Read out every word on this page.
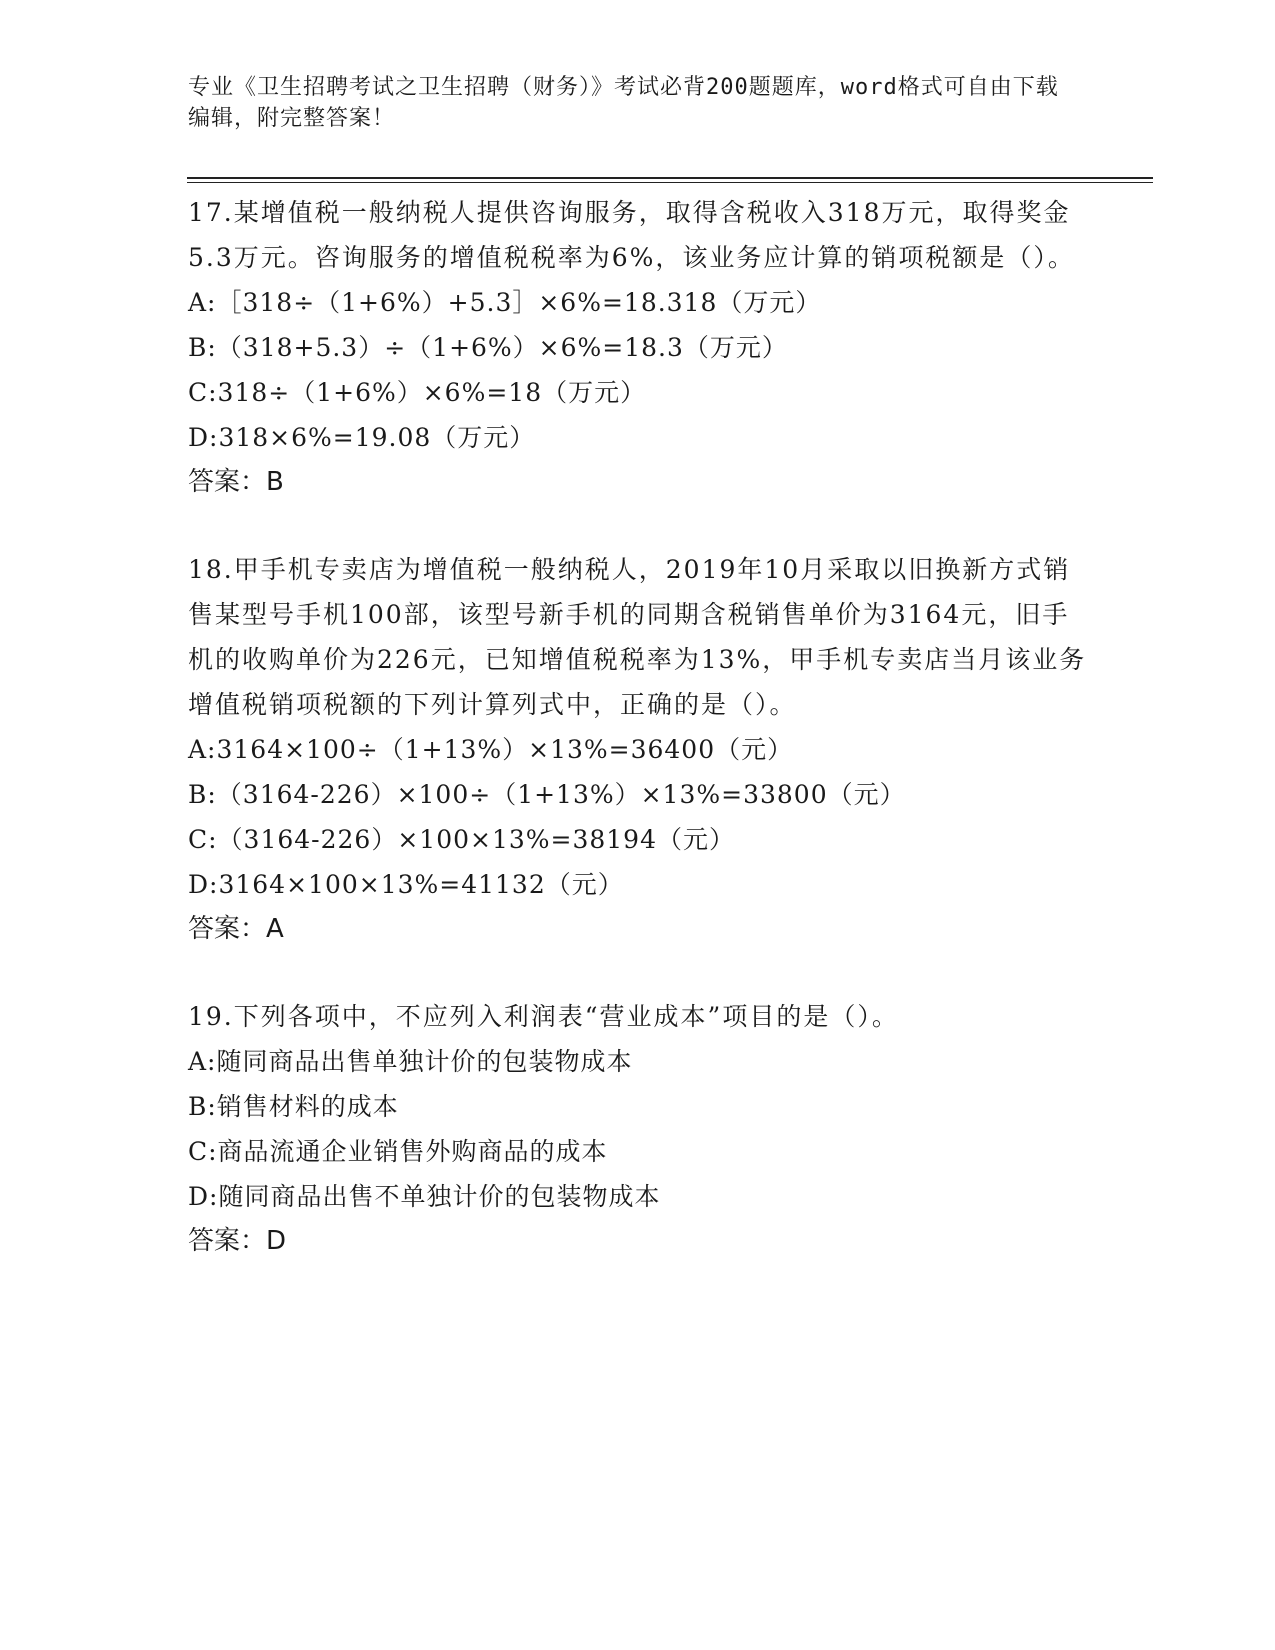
专业《卫生招聘考试之卫生招聘（财务）》考试必背200题题库，word格式可自由下载编辑，附完整答案！

17.某增值税一般纳税人提供咨询服务，取得含税收入318万元，取得奖金5.3万元。咨询服务的增值税税率为6%，该业务应计算的销项税额是（）。

A:［318÷（1+6%）+5.3］×6%=18.318（万元）

B:（318+5.3）÷（1+6%）×6%=18.3（万元）

C:318÷（1+6%）×6%=18（万元）

D:318×6%=19.08（万元）

答案：B

18.甲手机专卖店为增值税一般纳税人，2019年10月采取以旧换新方式销售某型号手机100部，该型号新手机的同期含税销售单价为3164元，旧手机的收购单价为226元，已知增值税税率为13%，甲手机专卖店当月该业务增值税销项税额的下列计算列式中，正确的是（）。

A:3164×100÷（1+13%）×13%=36400（元）

B:（3164-226）×100÷（1+13%）×13%=33800（元）

C:（3164-226）×100×13%=38194（元）

D:3164×100×13%=41132（元）

答案：A

19.下列各项中，不应列入利润表“营业成本”项目的是（）。

A:随同商品出售单独计价的包装物成本

B:销售材料的成本

C:商品流通企业销售外购商品的成本

D:随同商品出售不单独计价的包装物成本

答案：D
